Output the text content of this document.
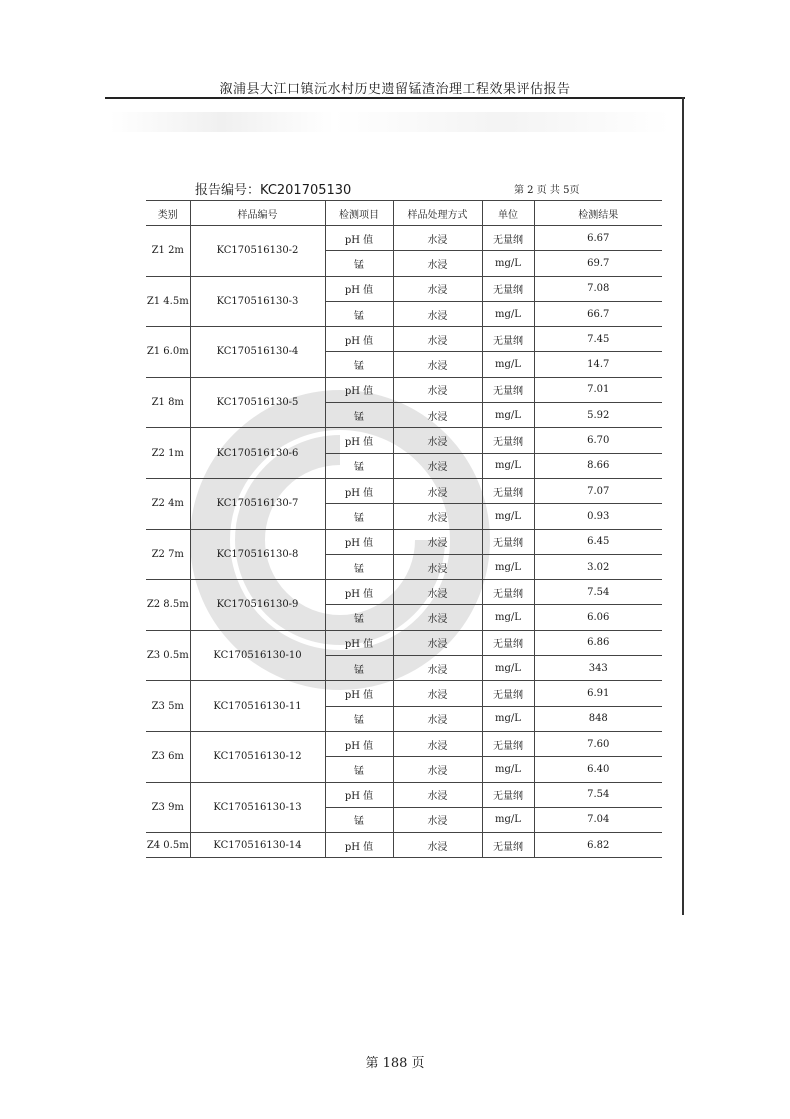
溆浦县大江口镇沅水村历史遗留锰渣治理工程效果评估报告
报告编号：KC201705130	第 2 页 共 5页
类别	样品编号	检测项目	样品处理方式	单位	检测结果
Z1 2m	KC170516130-2	pH 值	水浸	无量纲	6.67
		锰	水浸	mg/L	69.7
Z1 4.5m	KC170516130-3	pH 值	水浸	无量纲	7.08
		锰	水浸	mg/L	66.7
Z1 6.0m	KC170516130-4	pH 值	水浸	无量纲	7.45
		锰	水浸	mg/L	14.7
Z1 8m	KC170516130-5	pH 值	水浸	无量纲	7.01
		锰	水浸	mg/L	5.92
Z2 1m	KC170516130-6	pH 值	水浸	无量纲	6.70
		锰	水浸	mg/L	8.66
Z2 4m	KC170516130-7	pH 值	水浸	无量纲	7.07
		锰	水浸	mg/L	0.93
Z2 7m	KC170516130-8	pH 值	水浸	无量纲	6.45
		锰	水浸	mg/L	3.02
Z2 8.5m	KC170516130-9	pH 值	水浸	无量纲	7.54
		锰	水浸	mg/L	6.06
Z3 0.5m	KC170516130-10	pH 值	水浸	无量纲	6.86
		锰	水浸	mg/L	343
Z3 5m	KC170516130-11	pH 值	水浸	无量纲	6.91
		锰	水浸	mg/L	848
Z3 6m	KC170516130-12	pH 值	水浸	无量纲	7.60
		锰	水浸	mg/L	6.40
Z3 9m	KC170516130-13	pH 值	水浸	无量纲	7.54
		锰	水浸	mg/L	7.04
Z4 0.5m	KC170516130-14	pH 值	水浸	无量纲	6.82
第 188 页
